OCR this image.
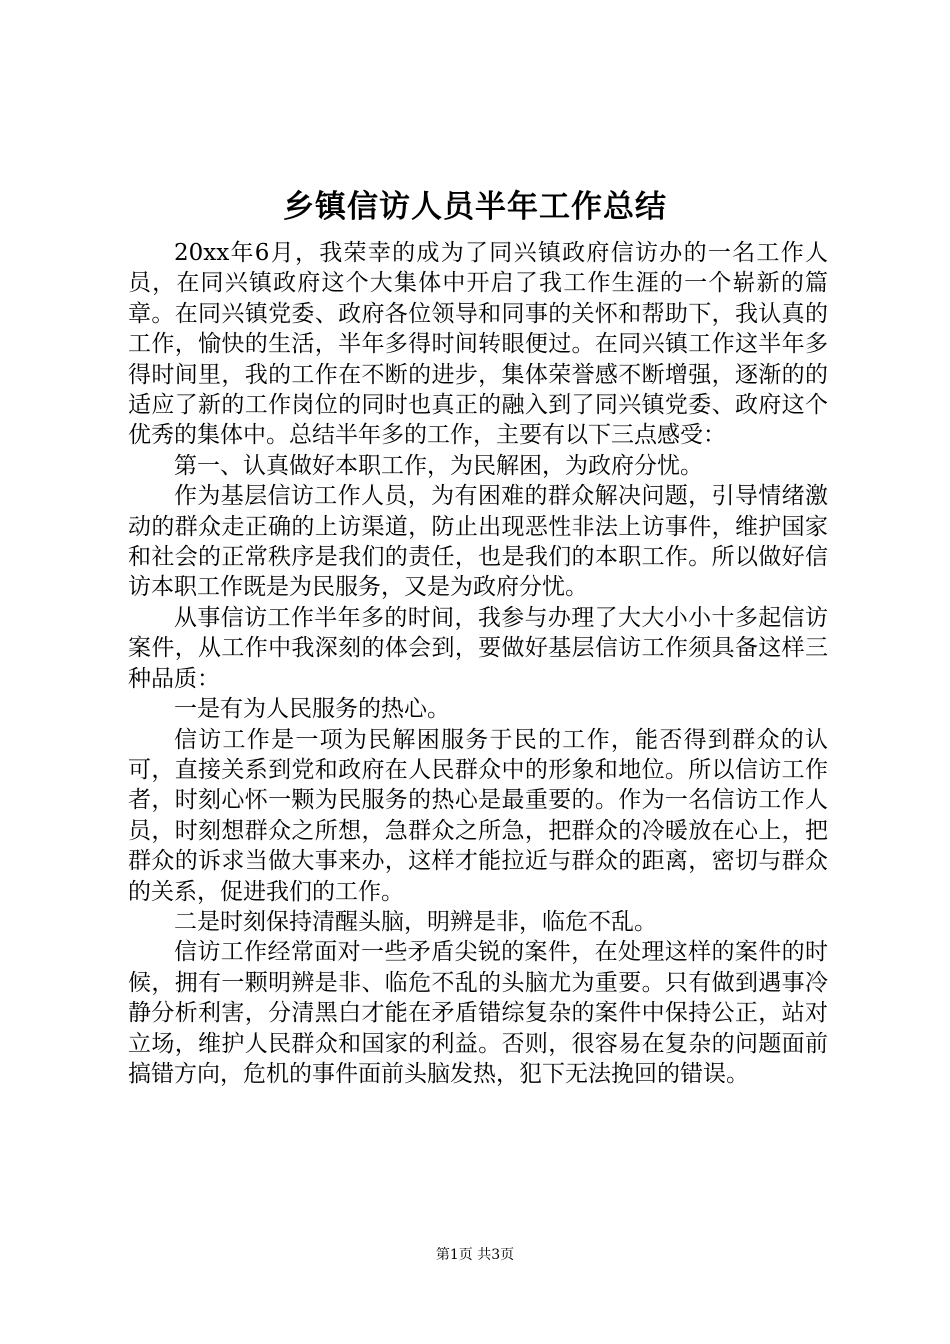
乡镇信访人员半年工作总结

20xx年6月，我荣幸的成为了同兴镇政府信访办的一名工作人员，在同兴镇政府这个大集体中开启了我工作生涯的一个崭新的篇章。在同兴镇党委、政府各位领导和同事的关怀和帮助下，我认真的工作，愉快的生活，半年多得时间转眼便过。在同兴镇工作这半年多得时间里，我的工作在不断的进步，集体荣誉感不断增强，逐渐的的适应了新的工作岗位的同时也真正的融入到了同兴镇党委、政府这个优秀的集体中。总结半年多的工作，主要有以下三点感受：

第一、认真做好本职工作，为民解困，为政府分忧。

作为基层信访工作人员，为有困难的群众解决问题，引导情绪激动的群众走正确的上访渠道，防止出现恶性非法上访事件，维护国家和社会的正常秩序是我们的责任，也是我们的本职工作。所以做好信访本职工作既是为民服务，又是为政府分忧。

从事信访工作半年多的时间，我参与办理了大大小小十多起信访案件，从工作中我深刻的体会到，要做好基层信访工作须具备这样三种品质：

一是有为人民服务的热心。

信访工作是一项为民解困服务于民的工作，能否得到群众的认可，直接关系到党和政府在人民群众中的形象和地位。所以信访工作者，时刻心怀一颗为民服务的热心是最重要的。作为一名信访工作人员，时刻想群众之所想，急群众之所急，把群众的冷暖放在心上，把群众的诉求当做大事来办，这样才能拉近与群众的距离，密切与群众的关系，促进我们的工作。

二是时刻保持清醒头脑，明辨是非，临危不乱。

信访工作经常面对一些矛盾尖锐的案件，在处理这样的案件的时候，拥有一颗明辨是非、临危不乱的头脑尤为重要。只有做到遇事冷静分析利害，分清黑白才能在矛盾错综复杂的案件中保持公正，站对立场，维护人民群众和国家的利益。否则，很容易在复杂的问题面前搞错方向，危机的事件面前头脑发热，犯下无法挽回的错误。

第1页 共3页
